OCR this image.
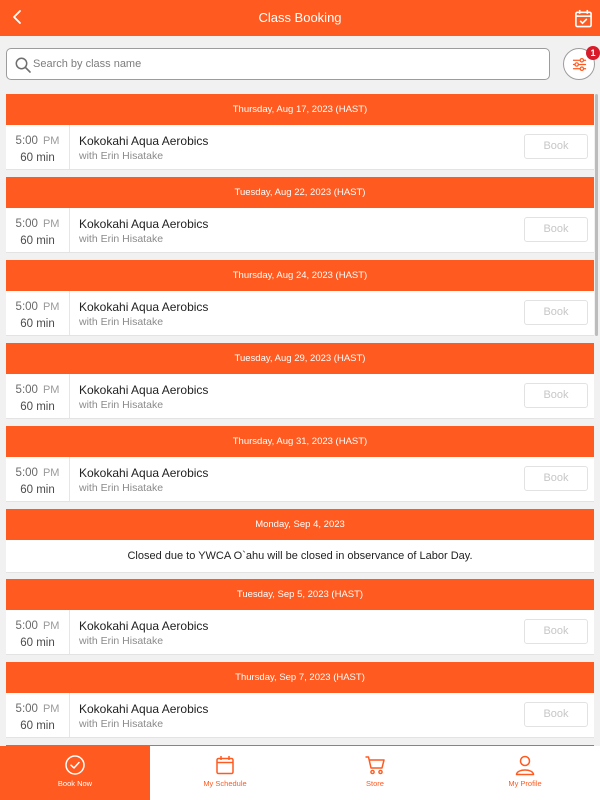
Class Booking
Search by class name
1
Thursday, Aug 17, 2023 (HAST)
5:00 PM
60 min
Kokokahi Aqua Aerobics
with Erin Hisatake
Book
Tuesday, Aug 22, 2023 (HAST)
5:00 PM
60 min
Kokokahi Aqua Aerobics
with Erin Hisatake
Book
Thursday, Aug 24, 2023 (HAST)
5:00 PM
60 min
Kokokahi Aqua Aerobics
with Erin Hisatake
Book
Tuesday, Aug 29, 2023 (HAST)
5:00 PM
60 min
Kokokahi Aqua Aerobics
with Erin Hisatake
Book
Thursday, Aug 31, 2023 (HAST)
5:00 PM
60 min
Kokokahi Aqua Aerobics
with Erin Hisatake
Book
Monday, Sep 4, 2023
Closed due to YWCA O`ahu will be closed in observance of Labor Day.
Tuesday, Sep 5, 2023 (HAST)
5:00 PM
60 min
Kokokahi Aqua Aerobics
with Erin Hisatake
Book
Thursday, Sep 7, 2023 (HAST)
5:00 PM
60 min
Kokokahi Aqua Aerobics
with Erin Hisatake
Book
Book Now	My Schedule	Store	My Profile
